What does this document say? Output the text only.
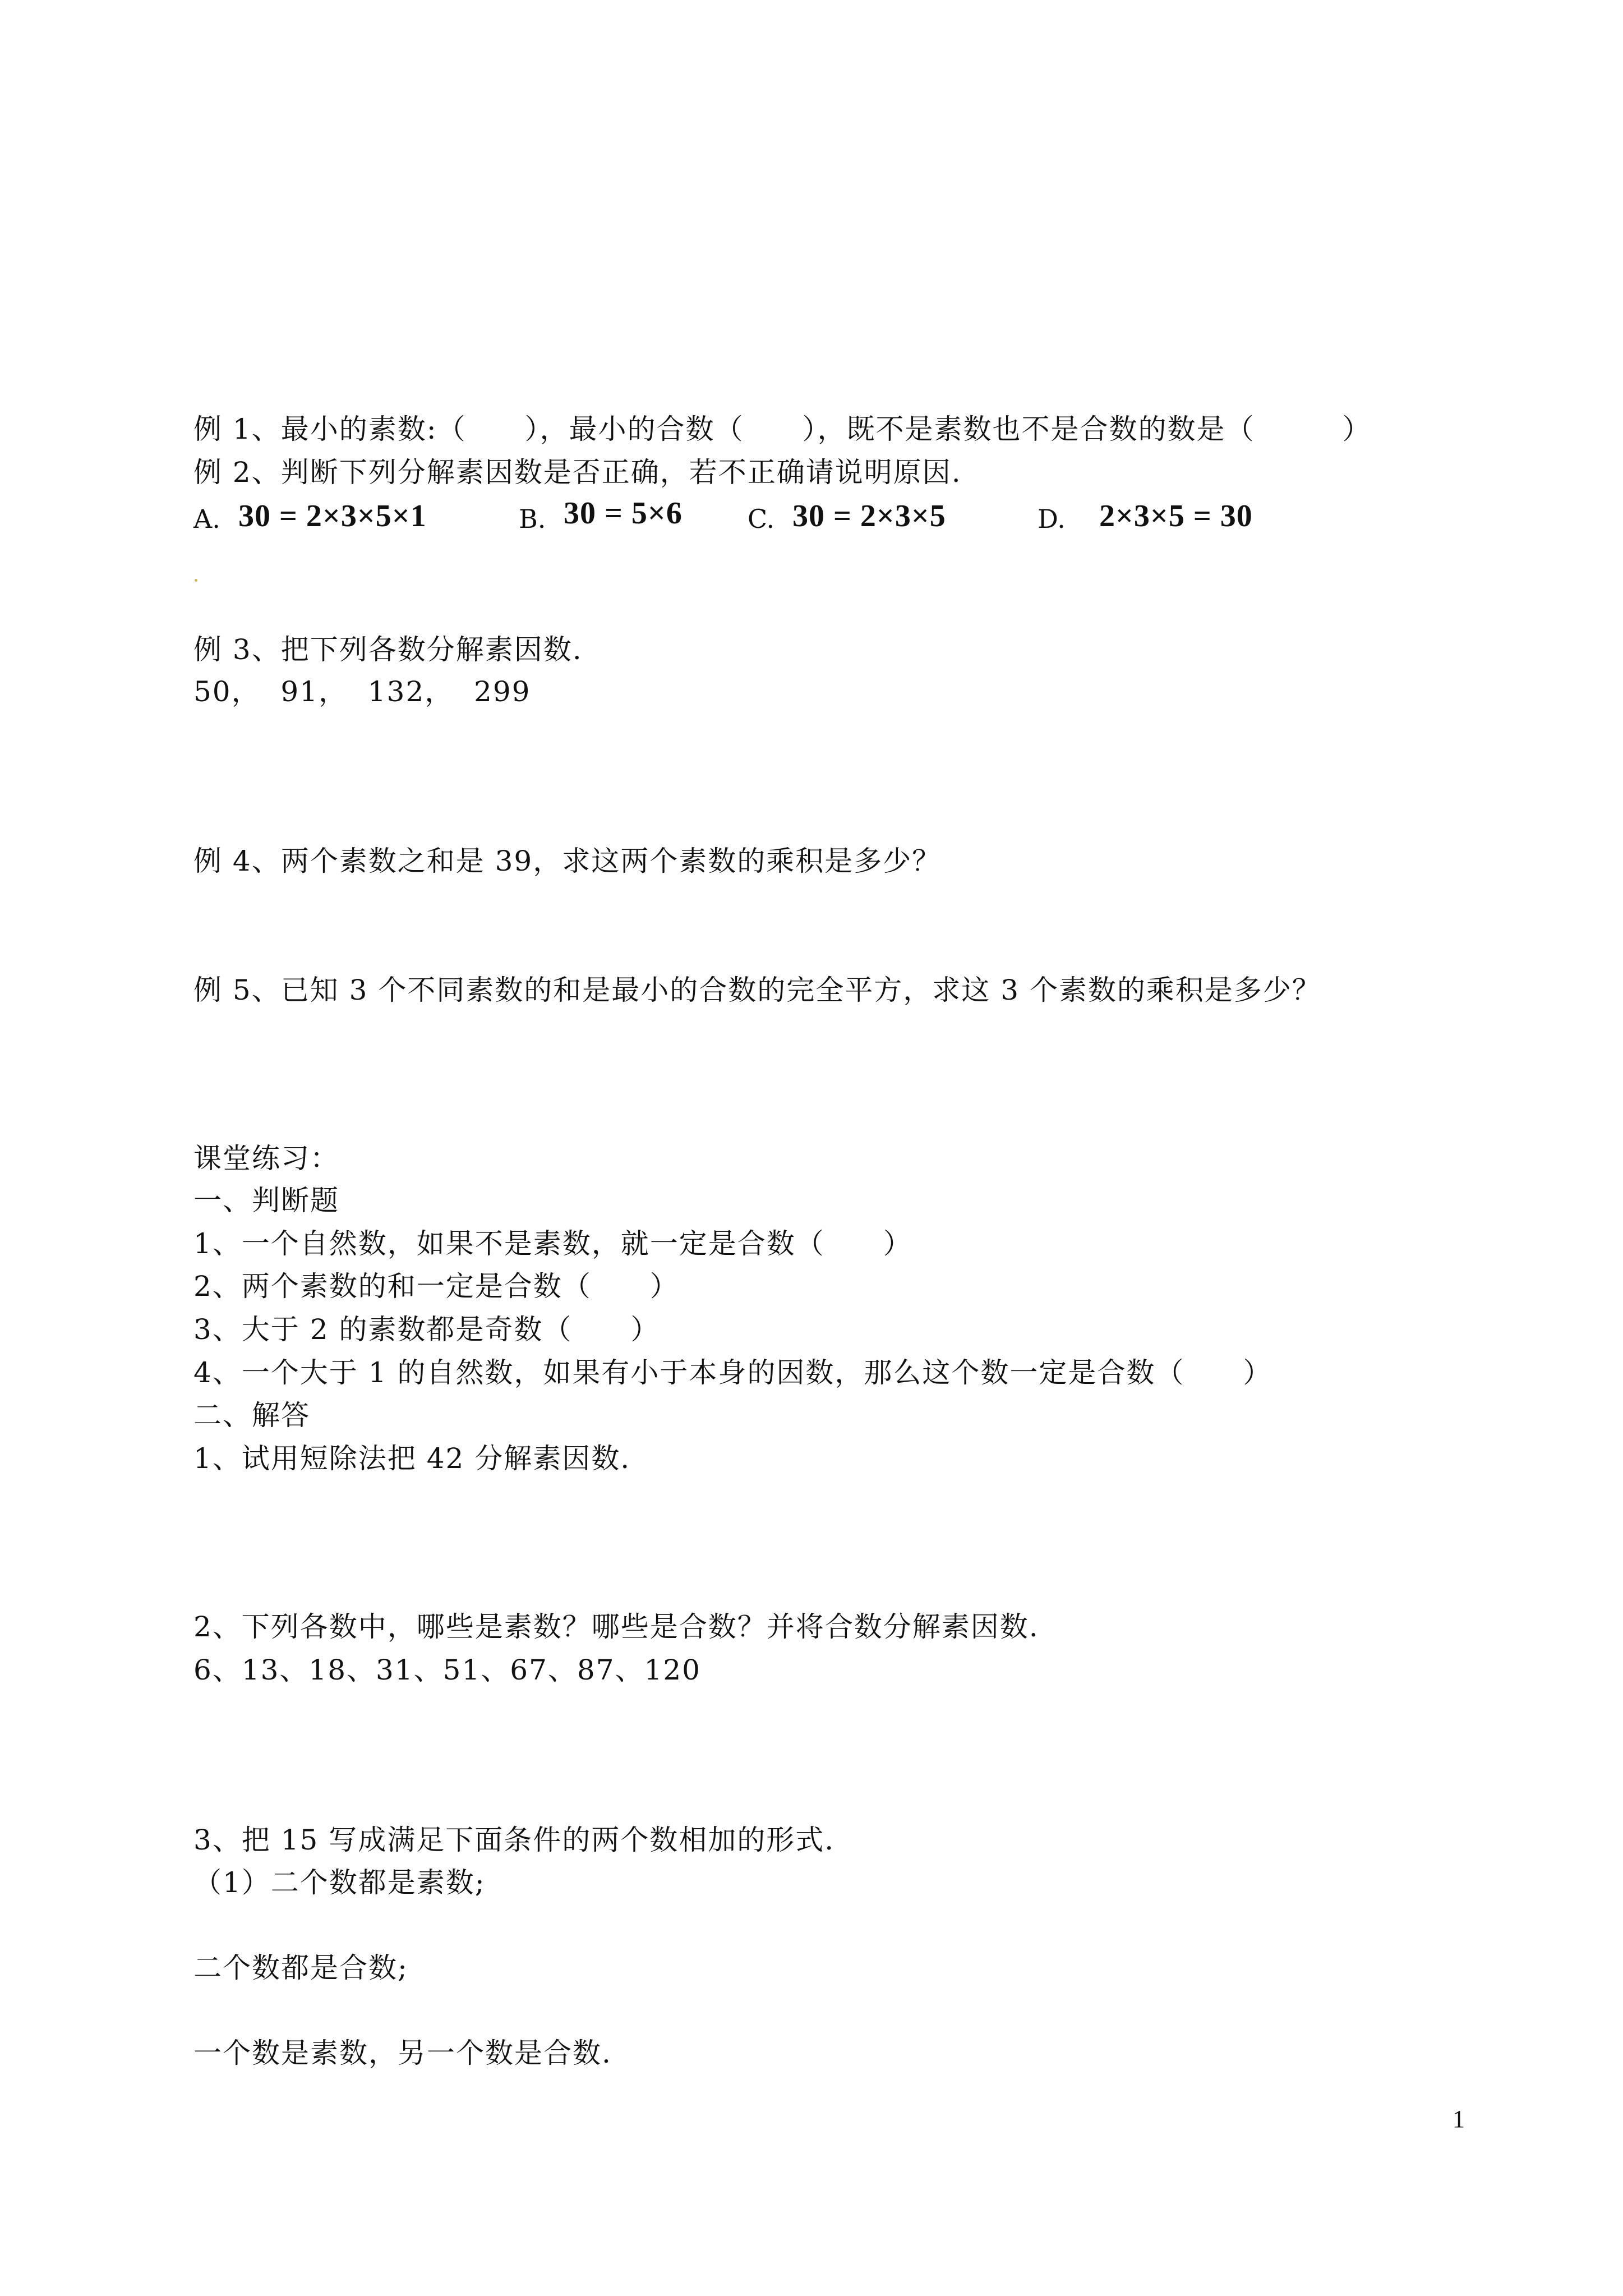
例 1、最小的素数:（　　），最小的合数（　　），既不是素数也不是合数的数是（　　　）
例 2、判断下列分解素因数是否正确，若不正确请说明原因.
A. 30 = 2×3×5×1	B. 30 = 5×6	C. 30 = 2×3×5	D. 2×3×5 = 30
例 3、把下列各数分解素因数.
50，  91，  132，  299
例 4、两个素数之和是 39，求这两个素数的乘积是多少？
例 5、已知 3 个不同素数的和是最小的合数的完全平方，求这 3 个素数的乘积是多少？
课堂练习：
一、判断题
1、一个自然数，如果不是素数，就一定是合数（　　）
2、两个素数的和一定是合数（　　）
3、大于 2 的素数都是奇数（　　）
4、一个大于 1 的自然数，如果有小于本身的因数，那么这个数一定是合数（　　）
二、解答
1、试用短除法把 42 分解素因数.
2、下列各数中，哪些是素数？哪些是合数？并将合数分解素因数.
6、13、18、31、51、67、87、120
3、把 15 写成满足下面条件的两个数相加的形式.
（1）二个数都是素数;
二个数都是合数;
一个数是素数，另一个数是合数.
1
